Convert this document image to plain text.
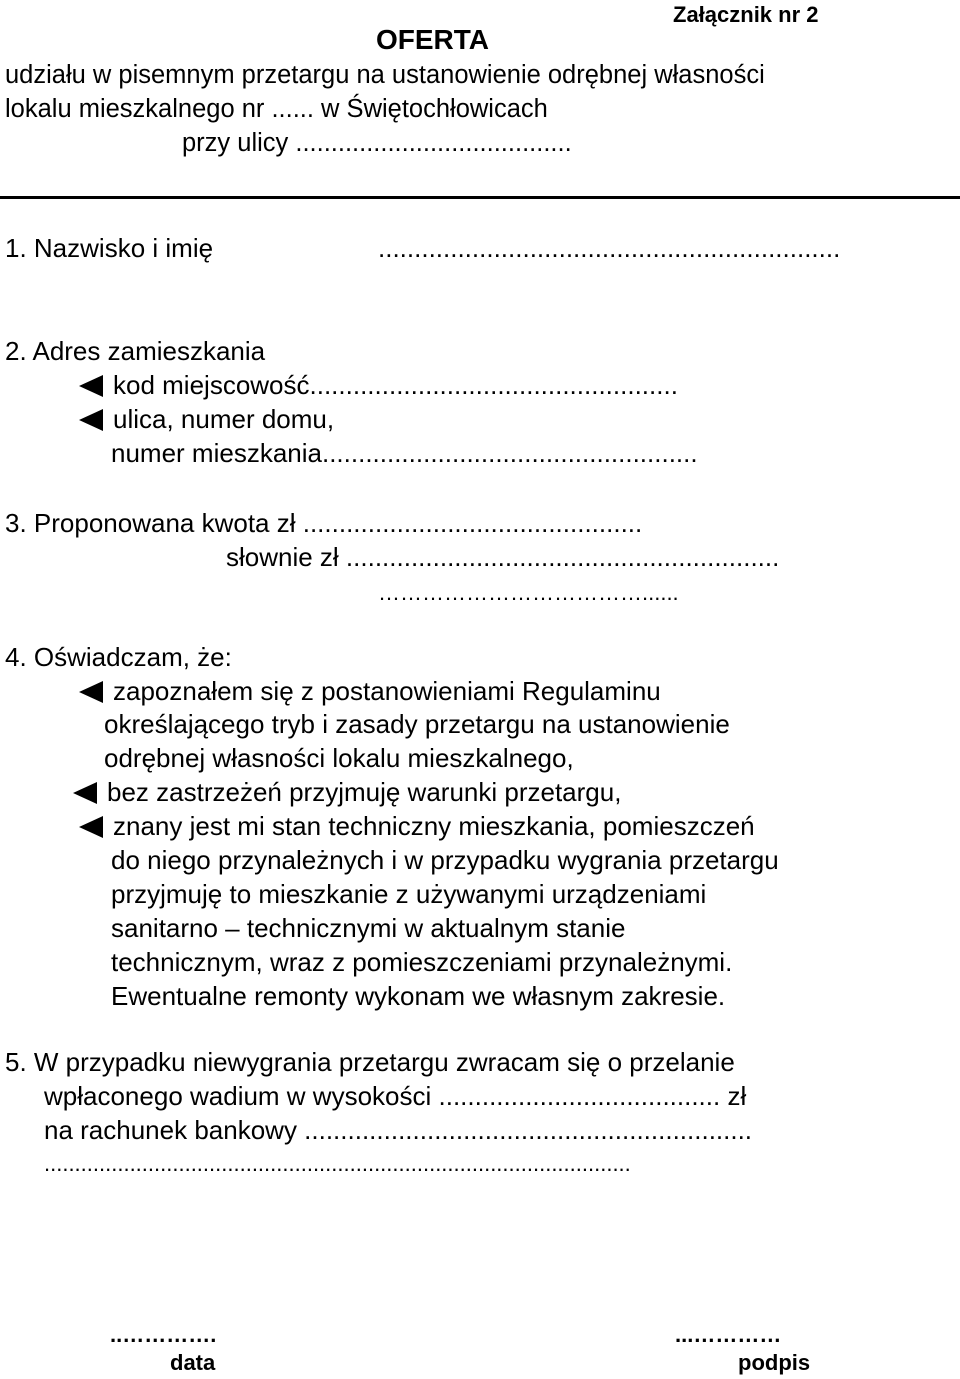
Załącznik nr 2
OFERTA
udziału w pisemnym przetargu na ustanowienie odrębnej własności
lokalu mieszkalnego nr ...... w Świętochłowicach
przy ulicy .......................................
1. Nazwisko i imię	................................................................
2. Adres zamieszkania
kod miejscowość...................................................
ulica, numer domu,
numer mieszkania....................................................
3. Proponowana kwota zł ...............................................
słownie zł ............................................................
………………………………......
4. Oświadczam, że:
zapoznałem się z postanowieniami Regulaminu
określającego tryb i zasady przetargu na ustanowienie
odrębnej własności lokalu mieszkalnego,
bez zastrzeżeń przyjmuję warunki przetargu,
znany jest mi stan techniczny mieszkania, pomieszczeń
do niego przynależnych i w przypadku wygrania przetargu
przyjmuję to mieszkanie z używanymi urządzeniami
sanitarno – technicznymi w aktualnym stanie
technicznym, wraz z pomieszczeniami przynależnymi.
Ewentualne remonty wykonam we własnym zakresie.
5. W przypadku niewygrania przetargu zwracam się o przelanie
wpłaconego wadium w wysokości ....................................... zł
na rachunek bankowy ..............................................................
................................................................................................
..………….
data
...…………
podpis
